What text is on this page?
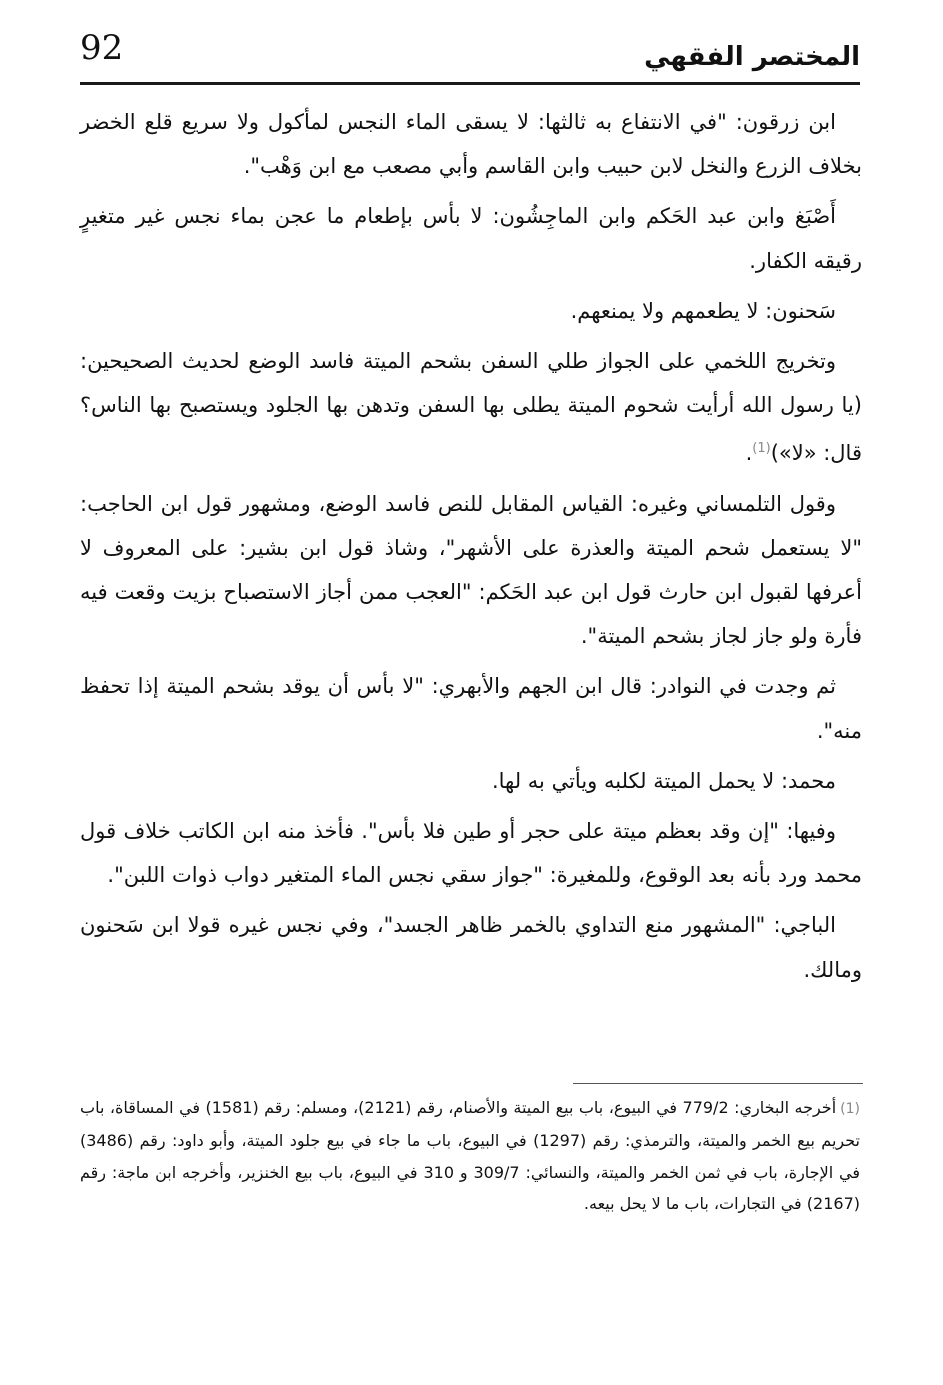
92	المختصر الفقهي

ابن زرقون: "في الانتفاع به ثالثها: لا يسقى الماء النجس لمأكول ولا سريع قلع الخضر بخلاف الزرع والنخل لابن حبيب وابن القاسم وأبي مصعب مع ابن وَهْب".

أَصْبَغ وابن عبد الحَكم وابن الماجِشُون: لا بأس بإطعام ما عجن بماء نجس غير متغيرٍ رقيقه الكفار.

سَحنون: لا يطعمهم ولا يمنعهم.

وتخريج اللخمي على الجواز طلي السفن بشحم الميتة فاسد الوضع لحديث الصحيحين: (يا رسول الله أرأيت شحوم الميتة يطلى بها السفن وتدهن بها الجلود ويستصبح بها الناس؟ قال: «لا»)$^{(1)}$.

وقول التلمساني وغيره: القياس المقابل للنص فاسد الوضع، ومشهور قول ابن الحاجب: "لا يستعمل شحم الميتة والعذرة على الأشهر"، وشاذ قول ابن بشير: على المعروف لا أعرفها لقبول ابن حارث قول ابن عبد الحَكم: "العجب ممن أجاز الاستصباح بزيت وقعت فيه فأرة ولو جاز لجاز بشحم الميتة".

ثم وجدت في النوادر: قال ابن الجهم والأبهري: "لا بأس أن يوقد بشحم الميتة إذا تحفظ منه".

محمد: لا يحمل الميتة لكلبه ويأتي به لها.

وفيها: "إن وقد بعظم ميتة على حجر أو طين فلا بأس". فأخذ منه ابن الكاتب خلاف قول محمد ورد بأنه بعد الوقوع، وللمغيرة: "جواز سقي نجس الماء المتغير دواب ذوات اللبن".

الباجي: "المشهور منع التداوي بالخمر ظاهر الجسد"، وفي نجس غيره قولا ابن سَحنون ومالك.

(1)أخرجه البخاري: 779/2 في البيوع، باب بيع الميتة والأصنام، رقم (2121)، ومسلم: رقم (1581) في المساقاة، باب تحريم بيع الخمر والميتة، والترمذي: رقم (1297) في البيوع، باب ما جاء في بيع جلود الميتة، وأبو داود: رقم (3486) في الإجارة، باب في ثمن الخمر والميتة، والنسائي: 309/7 و 310 في البيوع، باب بيع الخنزير، وأخرجه ابن ماجة: رقم (2167) في التجارات، باب ما لا يحل بيعه.
